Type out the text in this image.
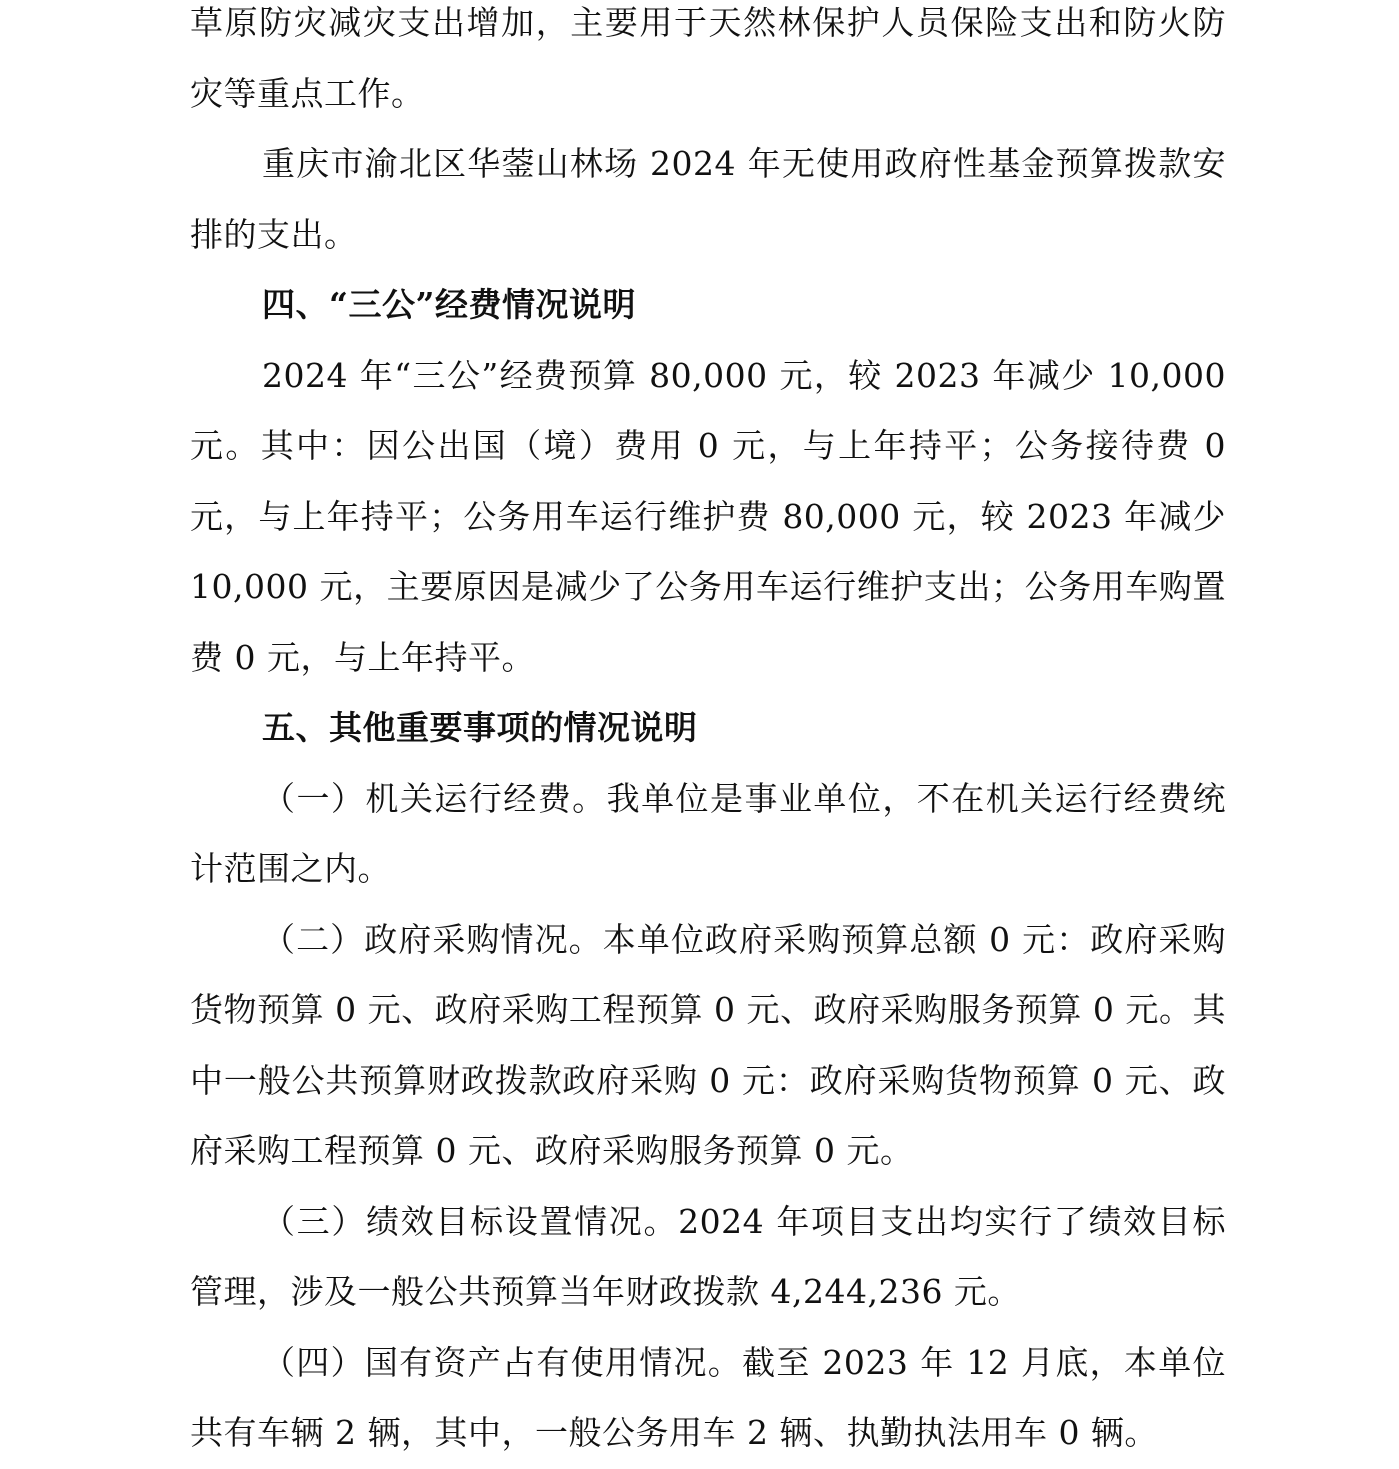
草原防灾减灾支出增加，主要用于天然林保护人员保险支出和防火防灾等重点工作。

重庆市渝北区华蓥山林场 2024 年无使用政府性基金预算拨款安排的支出。

四、“三公”经费情况说明

2024 年“三公”经费预算 80,000 元，较 2023 年减少 10,000 元。其中：因公出国（境）费用 0 元，与上年持平；公务接待费 0 元，与上年持平；公务用车运行维护费 80,000 元，较 2023 年减少 10,000 元，主要原因是减少了公务用车运行维护支出；公务用车购置费 0 元，与上年持平。

五、其他重要事项的情况说明

（一）机关运行经费。我单位是事业单位，不在机关运行经费统计范围之内。

（二）政府采购情况。本单位政府采购预算总额 0 元：政府采购货物预算 0 元、政府采购工程预算 0 元、政府采购服务预算 0 元。其中一般公共预算财政拨款政府采购 0 元：政府采购货物预算 0 元、政府采购工程预算 0 元、政府采购服务预算 0 元。

（三）绩效目标设置情况。2024 年项目支出均实行了绩效目标管理，涉及一般公共预算当年财政拨款 4,244,236 元。

（四）国有资产占有使用情况。截至 2023 年 12 月底，本单位共有车辆 2 辆，其中，一般公务用车 2 辆、执勤执法用车 0 辆。
